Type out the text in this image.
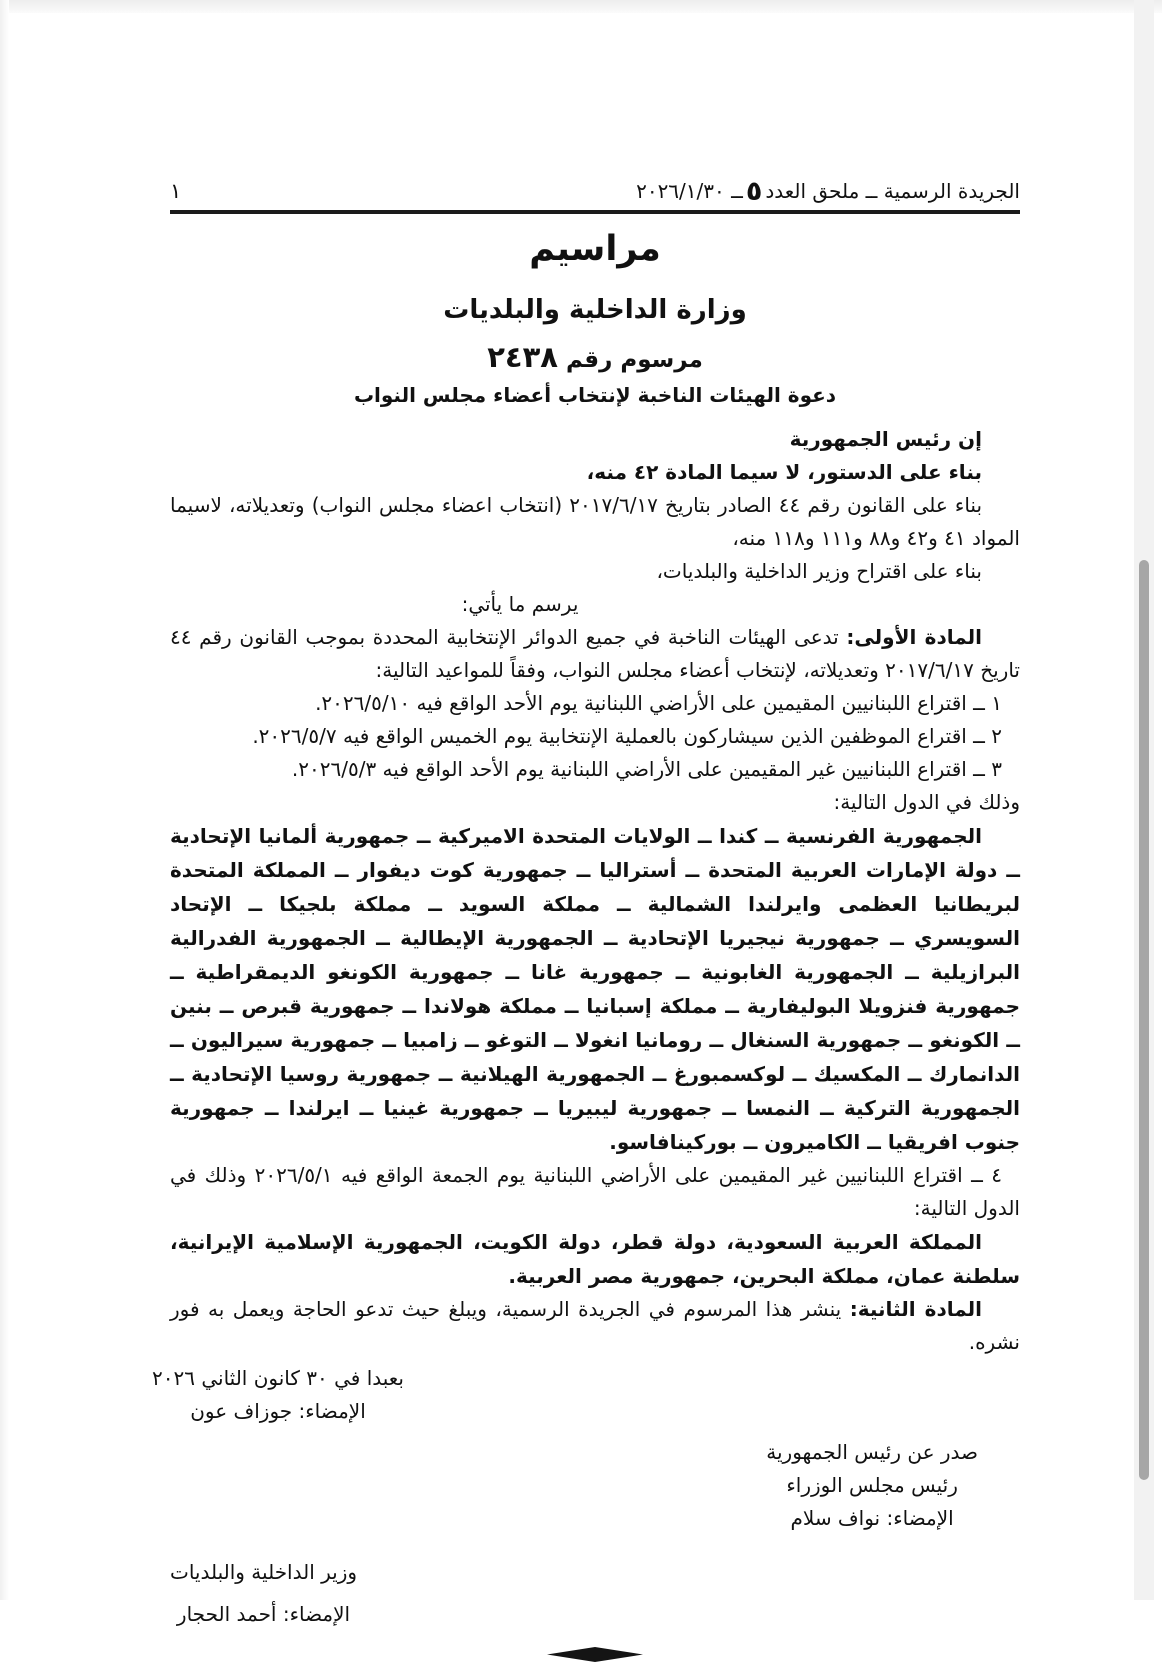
الجريدة الرسمية ــ ملحق العدد٥ــ ٢٠٢٦/١/٣٠
١
مراسيم
وزارة الداخلية والبلديات
مرسوم رقم ٢٤٣٨
دعوة الهيئات الناخبة لإنتخاب أعضاء مجلس النواب
إن رئيس الجمهورية
بناء على الدستور، لا سيما المادة ٤٢ منه،
بناء على القانون رقم ٤٤ الصادر بتاريخ ٢٠١٧/٦/١٧ (انتخاب اعضاء مجلس النواب) وتعديلاته، لاسيما المواد ٤١ و٤٢ و٨٨ و١١١ و١١٨ منه،
بناء على اقتراح وزير الداخلية والبلديات،
يرسم ما يأتي:
المادة الأولى: تدعى الهيئات الناخبة في جميع الدوائر الإنتخابية المحددة بموجب القانون رقم ٤٤ تاريخ ٢٠١٧/٦/١٧ وتعديلاته، لإنتخاب أعضاء مجلس النواب، وفقاً للمواعيد التالية:
١ ــ اقتراع اللبنانيين المقيمين على الأراضي اللبنانية يوم الأحد الواقع فيه ٢٠٢٦/٥/١٠.
٢ ــ اقتراع الموظفين الذين سيشاركون بالعملية الإنتخابية يوم الخميس الواقع فيه ٢٠٢٦/٥/٧.
٣ ــ اقتراع اللبنانيين غير المقيمين على الأراضي اللبنانية يوم الأحد الواقع فيه ٢٠٢٦/٥/٣.
وذلك في الدول التالية:
الجمهورية الفرنسية ــ كندا ــ الولايات المتحدة الاميركية ــ جمهورية ألمانيا الإتحادية ــ دولة الإمارات العربية المتحدة ــ أستراليا ــ جمهورية كوت ديفوار ــ المملكة المتحدة لبريطانيا العظمى وايرلندا الشمالية ــ مملكة السويد ــ مملكة بلجيكا ــ الإتحاد السويسري ــ جمهورية نيجيريا الإتحادية ــ الجمهورية الإيطالية ــ الجمهورية الفدرالية البرازيلية ــ الجمهورية الغابونية ــ جمهورية غانا ــ جمهورية الكونغو الديمقراطية ــ جمهورية فنزويلا البوليفارية ــ مملكة إسبانيا ــ مملكة هولاندا ــ جمهورية قبرص ــ بنين ــ الكونغو ــ جمهورية السنغال ــ رومانيا انغولا ــ التوغو ــ زامبيا ــ جمهورية سيراليون ــ الدانمارك ــ المكسيك ــ لوكسمبورغ ــ الجمهورية الهيلانية ــ جمهورية روسيا الإتحادية ــ الجمهورية التركية ــ النمسا ــ جمهورية ليبيريا ــ جمهورية غينيا ــ ايرلندا ــ جمهورية جنوب افريقيا ــ الكاميرون ــ بوركينافاسو.
٤ ــ اقتراع اللبنانيين غير المقيمين على الأراضي اللبنانية يوم الجمعة الواقع فيه ٢٠٢٦/٥/١ وذلك في الدول التالية:
المملكة العربية السعودية، دولة قطر، دولة الكويت، الجمهورية الإسلامية الإيرانية، سلطنة عمان، مملكة البحرين، جمهورية مصر العربية.
المادة الثانية: ينشر هذا المرسوم في الجريدة الرسمية، ويبلغ حيث تدعو الحاجة ويعمل به فور نشره.
بعبدا في ٣٠ كانون الثاني ٢٠٢٦
الإمضاء: جوزاف عون
صدر عن رئيس الجمهورية
رئيس مجلس الوزراء
الإمضاء: نواف سلام
وزير الداخلية والبلديات
الإمضاء: أحمد الحجار
